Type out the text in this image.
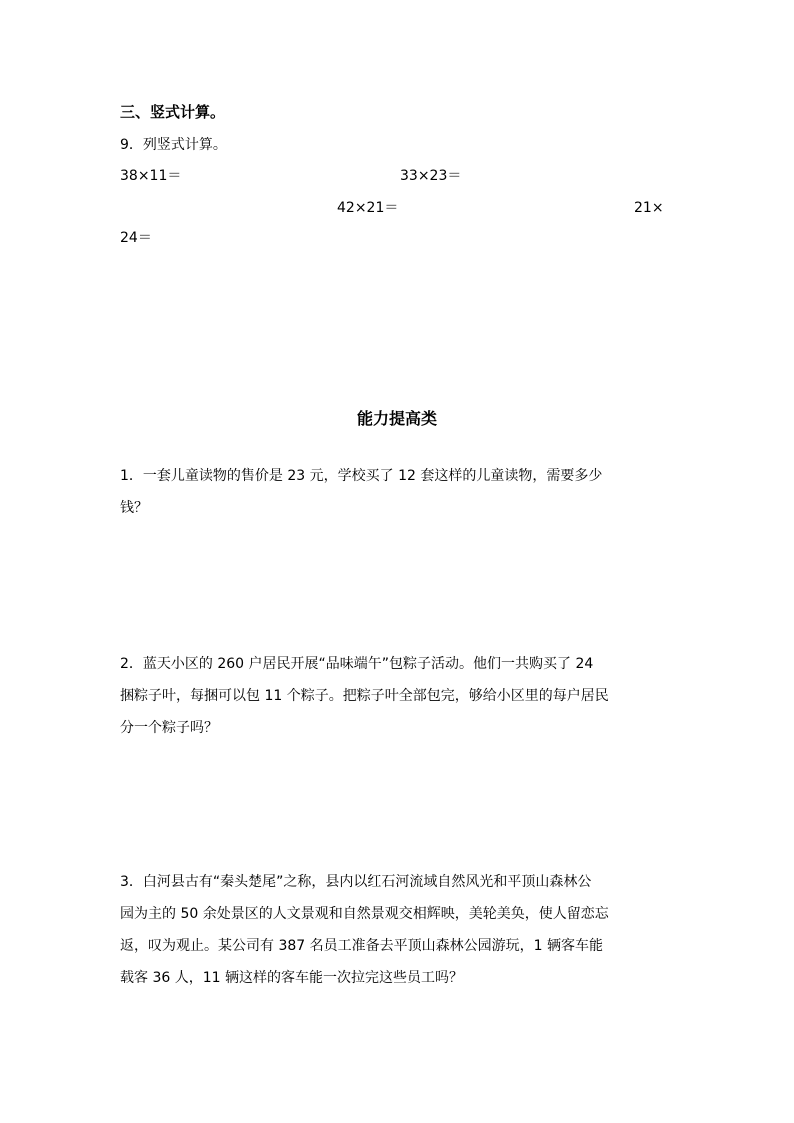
三、竖式计算。
9．列竖式计算。
38×11＝	33×23＝
42×21＝	21×
24＝
能力提高类
1．一套儿童读物的售价是 23 元，学校买了 12 套这样的儿童读物，需要多少
钱？
2．蓝天小区的 260 户居民开展“品味端午”包粽子活动。他们一共购买了 24
捆粽子叶，每捆可以包 11 个粽子。把粽子叶全部包完，够给小区里的每户居民
分一个粽子吗？
3．白河县古有“秦头楚尾”之称，县内以红石河流域自然风光和平顶山森林公
园为主的 50 余处景区的人文景观和自然景观交相辉映，美轮美奂，使人留恋忘
返，叹为观止。某公司有 387 名员工准备去平顶山森林公园游玩，1 辆客车能
载客 36 人，11 辆这样的客车能一次拉完这些员工吗？
